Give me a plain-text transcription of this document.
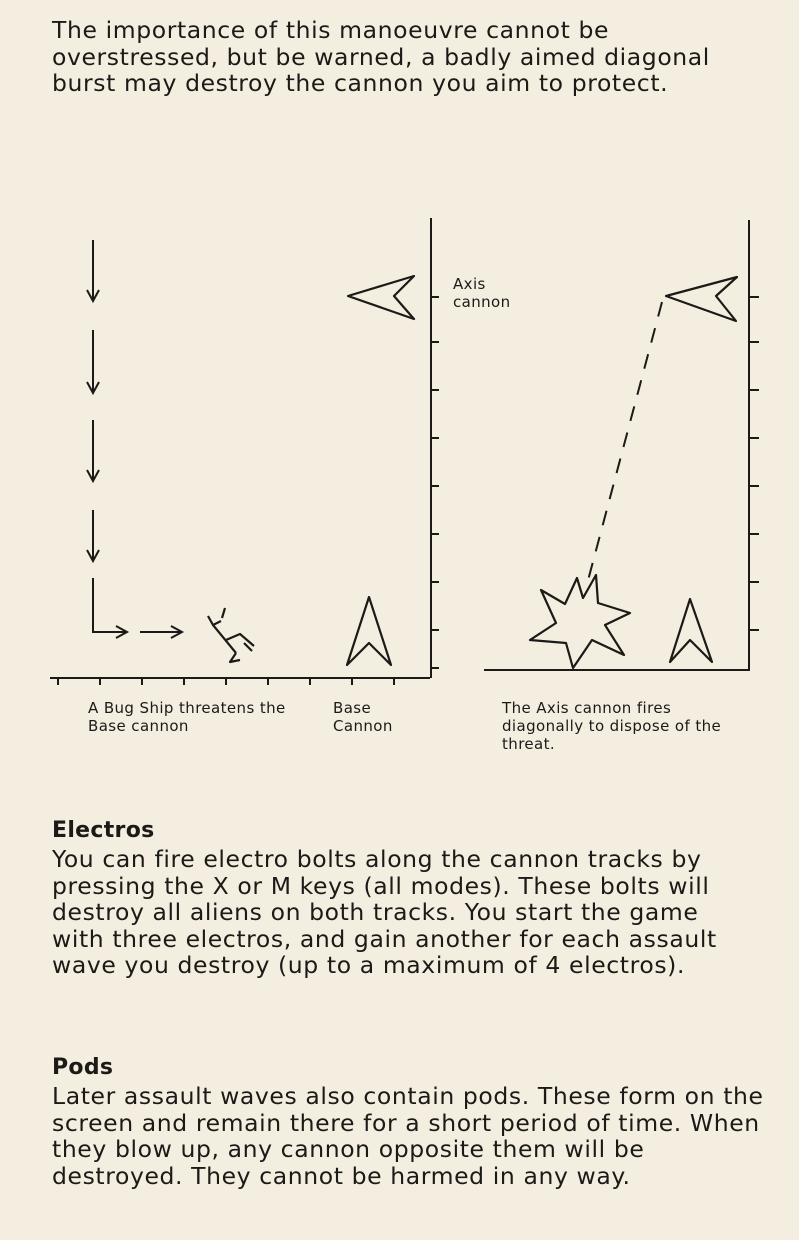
The importance of this manoeuvre cannot be overstressed, but be warned, a badly aimed diagonal burst may destroy the cannon you aim to protect.

Axis cannon

A Bug Ship threatens the Base cannon

Base Cannon

The Axis cannon fires diagonally to dispose of the threat.

Electros

You can fire electro bolts along the cannon tracks by pressing the X or M keys (all modes). These bolts will destroy all aliens on both tracks. You start the game with three electros, and gain another for each assault wave you destroy (up to a maximum of 4 electros).

Pods

Later assault waves also contain pods. These form on the screen and remain there for a short period of time. When they blow up, any cannon opposite them will be destroyed. They cannot be harmed in any way.
